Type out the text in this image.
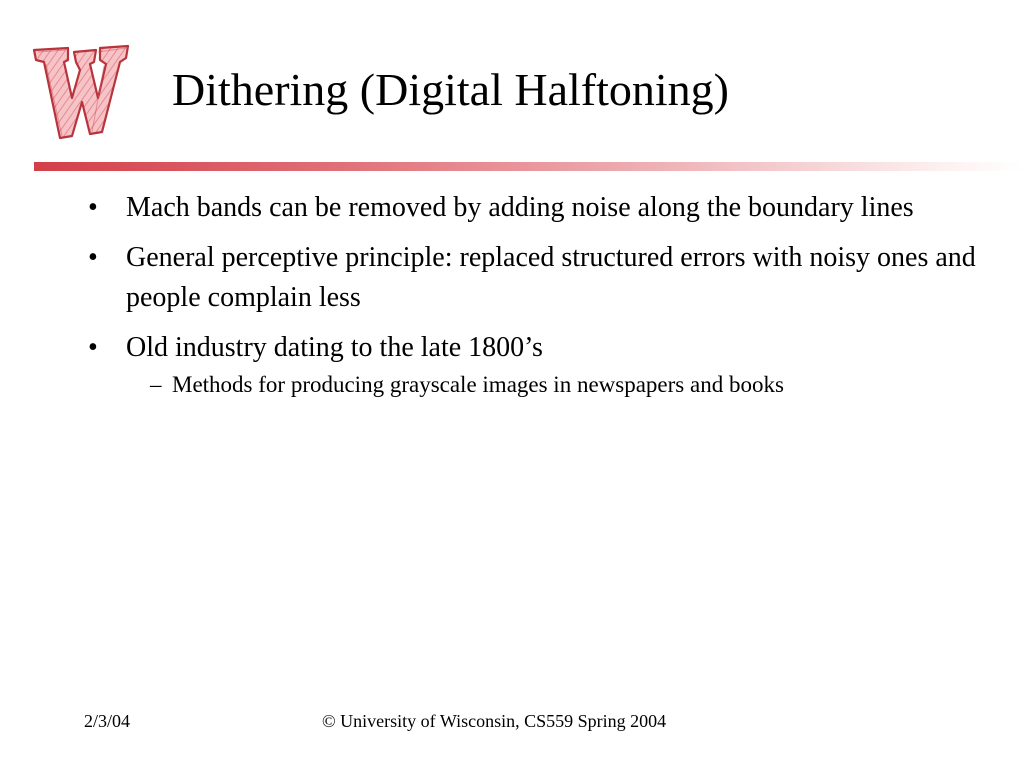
Dithering (Digital Halftoning)
• Mach bands can be removed by adding noise along the boundary lines
• General perceptive principle: replaced structured errors with noisy ones and people complain less
• Old industry dating to the late 1800’s
– Methods for producing grayscale images in newspapers and books
2/3/04	© University of Wisconsin, CS559 Spring 2004
